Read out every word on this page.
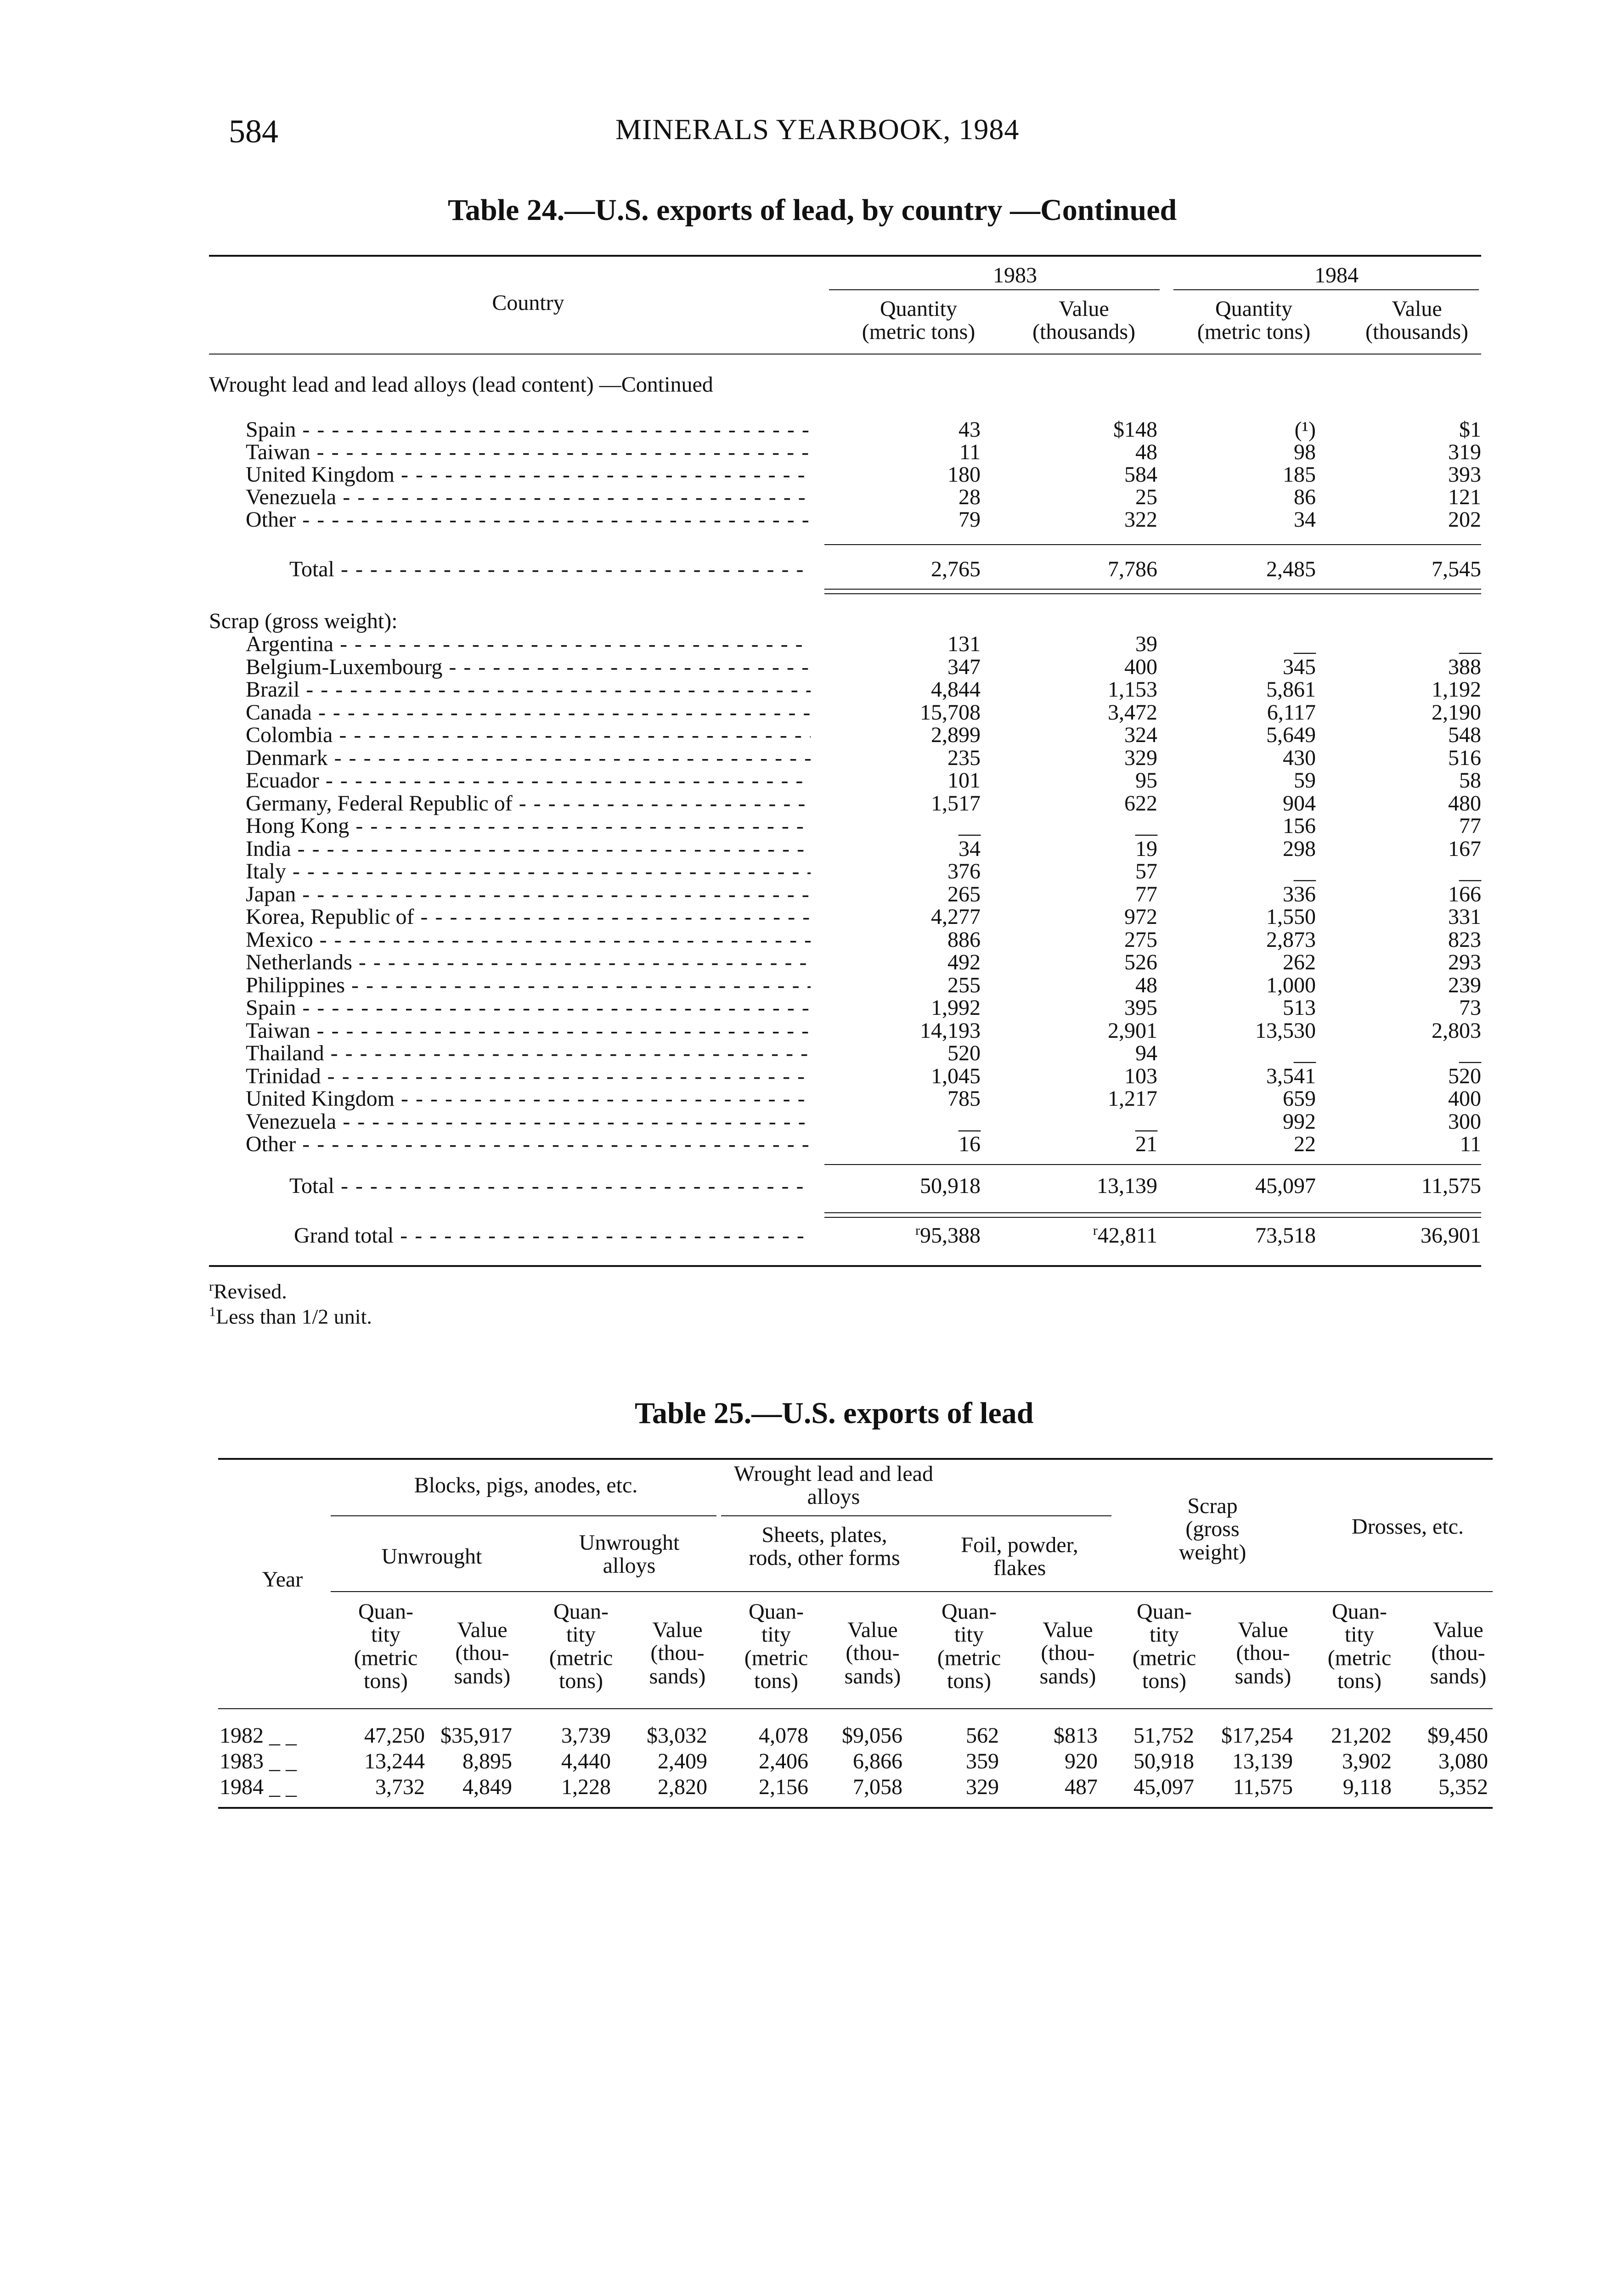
584	MINERALS YEARBOOK, 1984
Table 24.—U.S. exports of lead, by country —Continued
Country
1983	1984
Quantity
(metric tons)
Value
(thousands)
Quantity
(metric tons)
Value
(thousands)
Wrought lead and lead alloys (lead content) —Continued
Spain - - -	43	$148	(¹)	$1
Taiwan - - -	11	48	98	319
United Kingdom - - -	180	584	185	393
Venezuela - - -	28	25	86	121
Other - - -	79	322	34	202
Total - - -	2,765	7,786	2,485	7,545
Scrap (gross weight):
Argentina - - -	131	39	__	__
Belgium-Luxembourg - - -	347	400	345	388
Brazil - - -	4,844	1,153	5,861	1,192
Canada - - -	15,708	3,472	6,117	2,190
Colombia - - -	2,899	324	5,649	548
Denmark - - -	235	329	430	516
Ecuador - - -	101	95	59	58
Germany, Federal Republic of - - -	1,517	622	904	480
Hong Kong - - -	__	__	156	77
India - - -	34	19	298	167
Italy - - -	376	57	__	__
Japan - - -	265	77	336	166
Korea, Republic of - - -	4,277	972	1,550	331
Mexico - - -	886	275	2,873	823
Netherlands - - -	492	526	262	293
Philippines - - -	255	48	1,000	239
Spain - - -	1,992	395	513	73
Taiwan - - -	14,193	2,901	13,530	2,803
Thailand - - -	520	94	__	__
Trinidad - - -	1,045	103	3,541	520
United Kingdom - - -	785	1,217	659	400
Venezuela - - -	__	__	992	300
Other - - -	16	21	22	11
Total - - -	50,918	13,139	45,097	11,575
Grand total - - -	$^r$95,388	$^r$42,811	73,518	36,901
$^r$Revised.
$^1$Less than 1/2 unit.
Table 25.—U.S. exports of lead
Year
Blocks, pigs, anodes, etc.	Wrought lead and lead alloys
Unwrought
Unwrought alloys
Sheets, plates, rods, other forms
Foil, powder, flakes
Scrap (gross weight)
Drosses, etc.
Quan- tity (metric tons)
Value (thou- sands)
Quan- tity (metric tons)
Value (thou- sands)
Quan- tity (metric tons)
Value (thou- sands)
Quan- tity (metric tons)
Value (thou- sands)
Quan- tity (metric tons)
Value (thou- sands)
Quan- tity (metric tons)
Value (thou- sands)
1982 _ _	47,250 $35,917	3,739	$3,032	4,078	$9,056	562	$813	51,752	$17,254	21,202	$9,450
1983 _ _	13,244	8,895	4,440	2,409	2,406	6,866	359	920	50,918	13,139	3,902	3,080
1984 _ _	3,732	4,849	1,228	2,820	2,156	7,058	329	487	45,097	11,575	9,118	5,352
